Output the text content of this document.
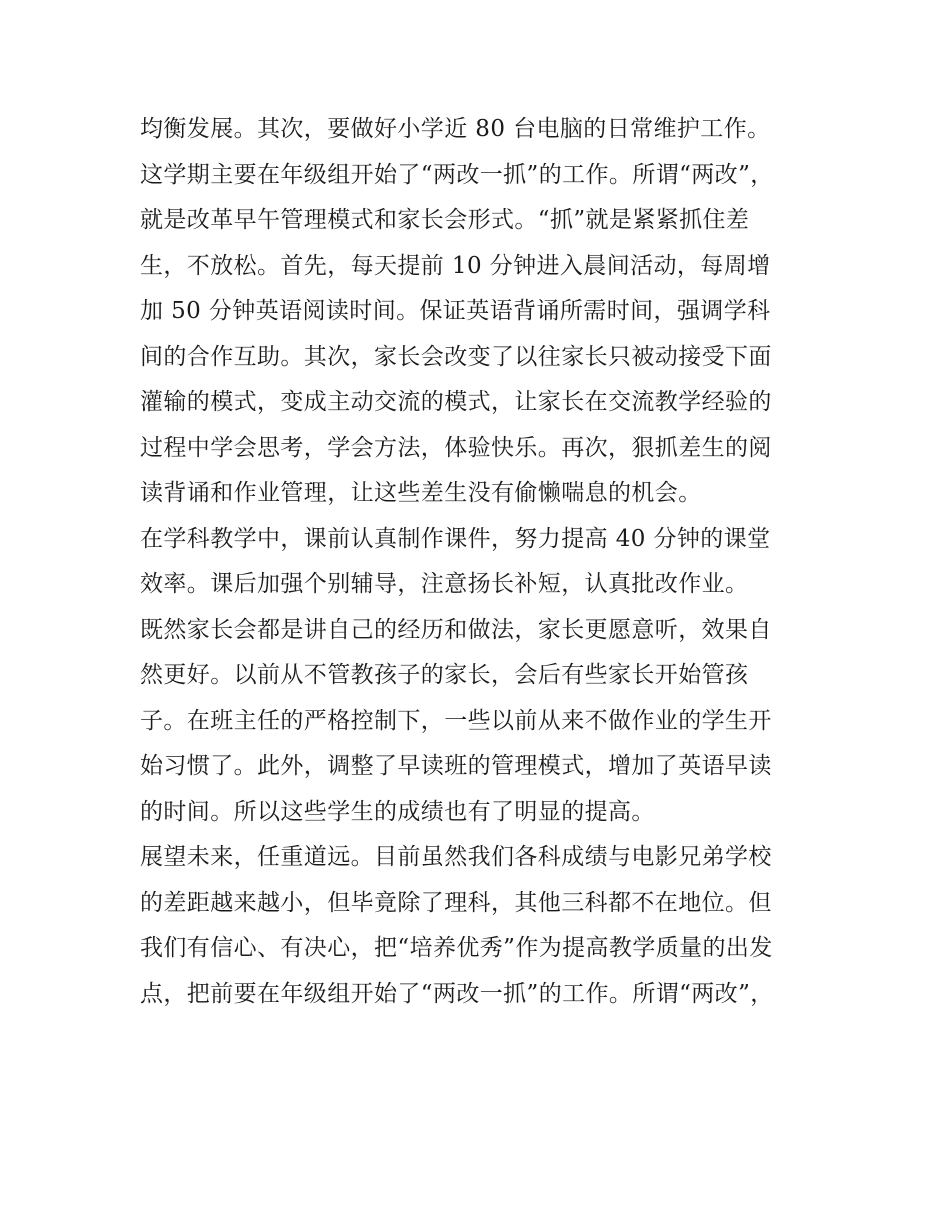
均衡发展。其次，要做好小学近 80 台电脑的日常维护工作。
这学期主要在年级组开始了“两改一抓”的工作。所谓“两改”，
就是改革早午管理模式和家长会形式。“抓”就是紧紧抓住差
生，不放松。首先，每天提前 10 分钟进入晨间活动，每周增
加 50 分钟英语阅读时间。保证英语背诵所需时间，强调学科
间的合作互助。其次，家长会改变了以往家长只被动接受下面
灌输的模式，变成主动交流的模式，让家长在交流教学经验的
过程中学会思考，学会方法，体验快乐。再次，狠抓差生的阅
读背诵和作业管理，让这些差生没有偷懒喘息的机会。
在学科教学中，课前认真制作课件，努力提高 40 分钟的课堂
效率。课后加强个别辅导，注意扬长补短，认真批改作业。
既然家长会都是讲自己的经历和做法，家长更愿意听，效果自
然更好。以前从不管教孩子的家长，会后有些家长开始管孩
子。在班主任的严格控制下，一些以前从来不做作业的学生开
始习惯了。此外，调整了早读班的管理模式，增加了英语早读
的时间。所以这些学生的成绩也有了明显的提高。
展望未来，任重道远。目前虽然我们各科成绩与电影兄弟学校
的差距越来越小，但毕竟除了理科，其他三科都不在地位。但
我们有信心、有决心，把“培养优秀”作为提高教学质量的出发
点，把前要在年级组开始了“两改一抓”的工作。所谓“两改”，
